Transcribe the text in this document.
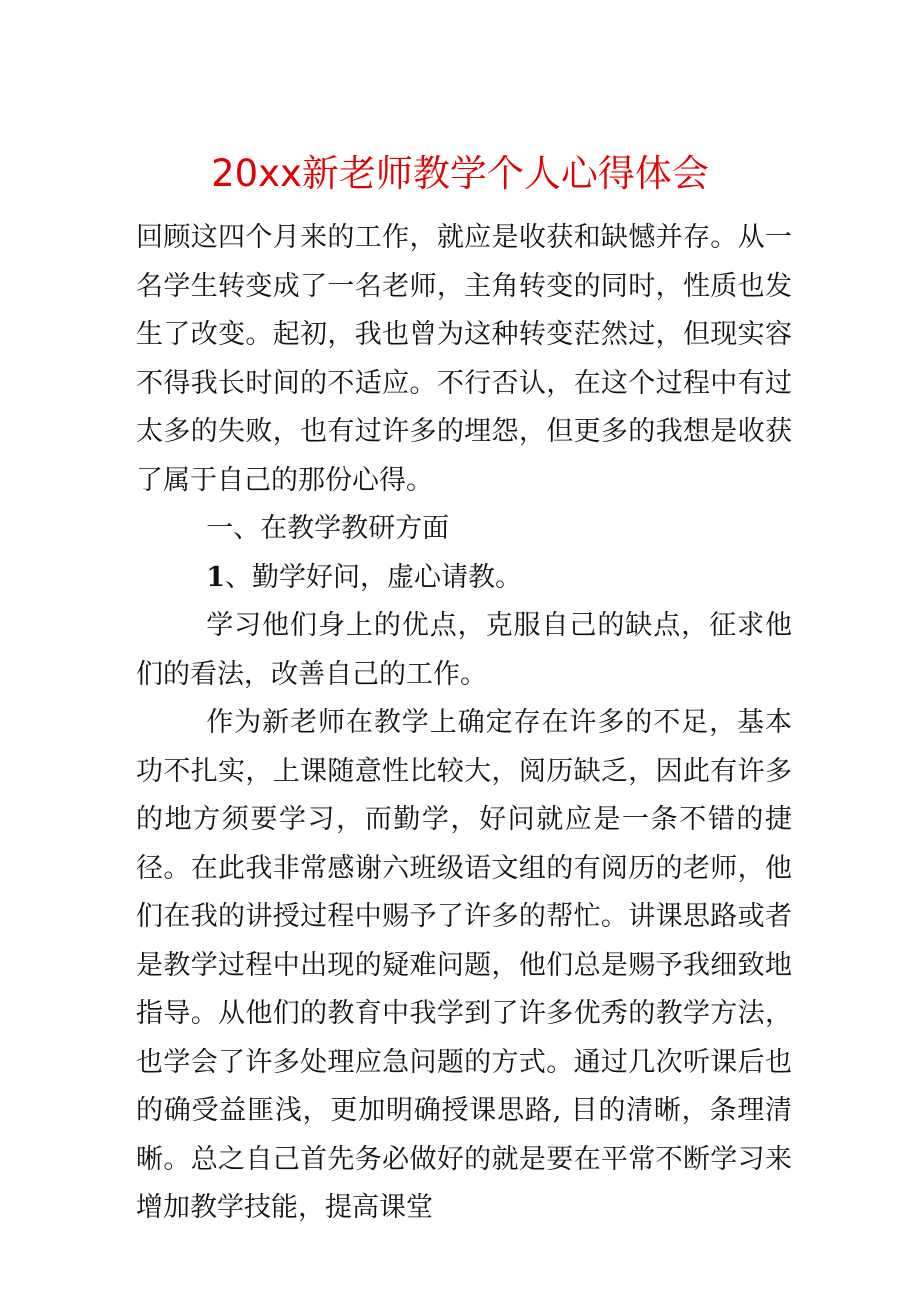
20xx新老师教学个人心得体会

回顾这四个月来的工作，就应是收获和缺憾并存。从一名学生转变成了一名老师，主角转变的同时，性质也发生了改变。起初，我也曾为这种转变茫然过，但现实容不得我长时间的不适应。不行否认，在这个过程中有过太多的失败，也有过许多的埋怨，但更多的我想是收获了属于自己的那份心得。

一、在教学教研方面

1、勤学好问，虚心请教。

学习他们身上的优点，克服自己的缺点，征求他们的看法，改善自己的工作。

作为新老师在教学上确定存在许多的不足，基本功不扎实，上课随意性比较大，阅历缺乏，因此有许多的地方须要学习，而勤学，好问就应是一条不错的捷径。在此我非常感谢六班级语文组的有阅历的老师，他们在我的讲授过程中赐予了许多的帮忙。讲课思路或者是教学过程中出现的疑难问题，他们总是赐予我细致地指导。从他们的教育中我学到了许多优秀的教学方法，也学会了许多处理应急问题的方式。通过几次听课后也的确受益匪浅，更加明确授课思路, 目的清晰，条理清晰。总之自己首先务必做好的就是要在平常不断学习来增加教学技能，提高课堂
